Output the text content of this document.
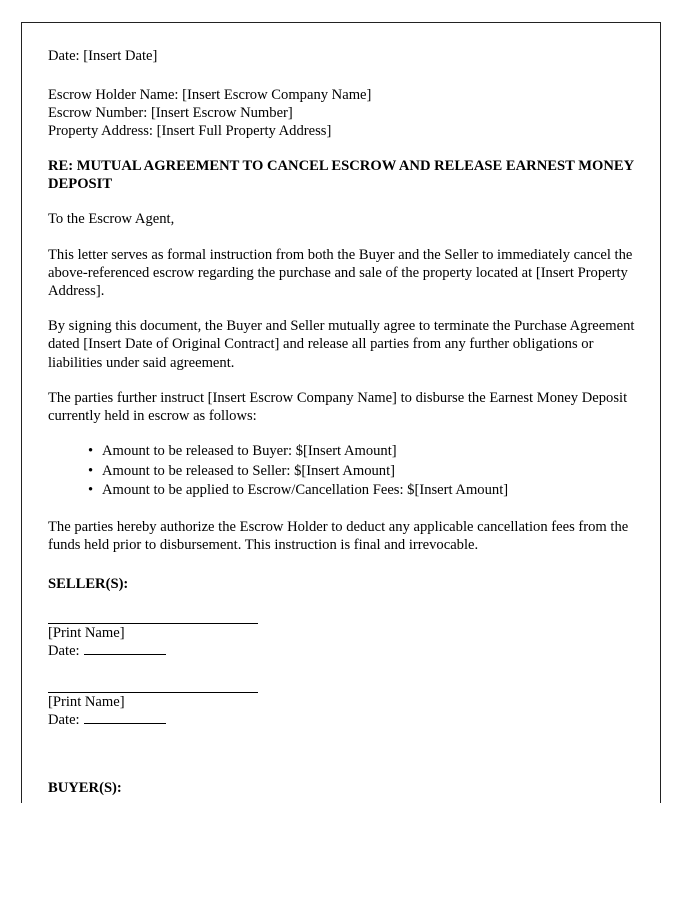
Date: [Insert Date]
Escrow Holder Name: [Insert Escrow Company Name]
Escrow Number: [Insert Escrow Number]
Property Address: [Insert Full Property Address]
RE: MUTUAL AGREEMENT TO CANCEL ESCROW AND RELEASE EARNEST MONEY DEPOSIT
To the Escrow Agent,
This letter serves as formal instruction from both the Buyer and the Seller to immediately cancel the above-referenced escrow regarding the purchase and sale of the property located at [Insert Property Address].
By signing this document, the Buyer and Seller mutually agree to terminate the Purchase Agreement dated [Insert Date of Original Contract] and release all parties from any further obligations or liabilities under said agreement.
The parties further instruct [Insert Escrow Company Name] to disburse the Earnest Money Deposit currently held in escrow as follows:
• Amount to be released to Buyer: $[Insert Amount]
• Amount to be released to Seller: $[Insert Amount]
• Amount to be applied to Escrow/Cancellation Fees: $[Insert Amount]
The parties hereby authorize the Escrow Holder to deduct any applicable cancellation fees from the funds held prior to disbursement. This instruction is final and irrevocable.
SELLER(S):
[Print Name]
Date:
[Print Name]
Date:
BUYER(S):
